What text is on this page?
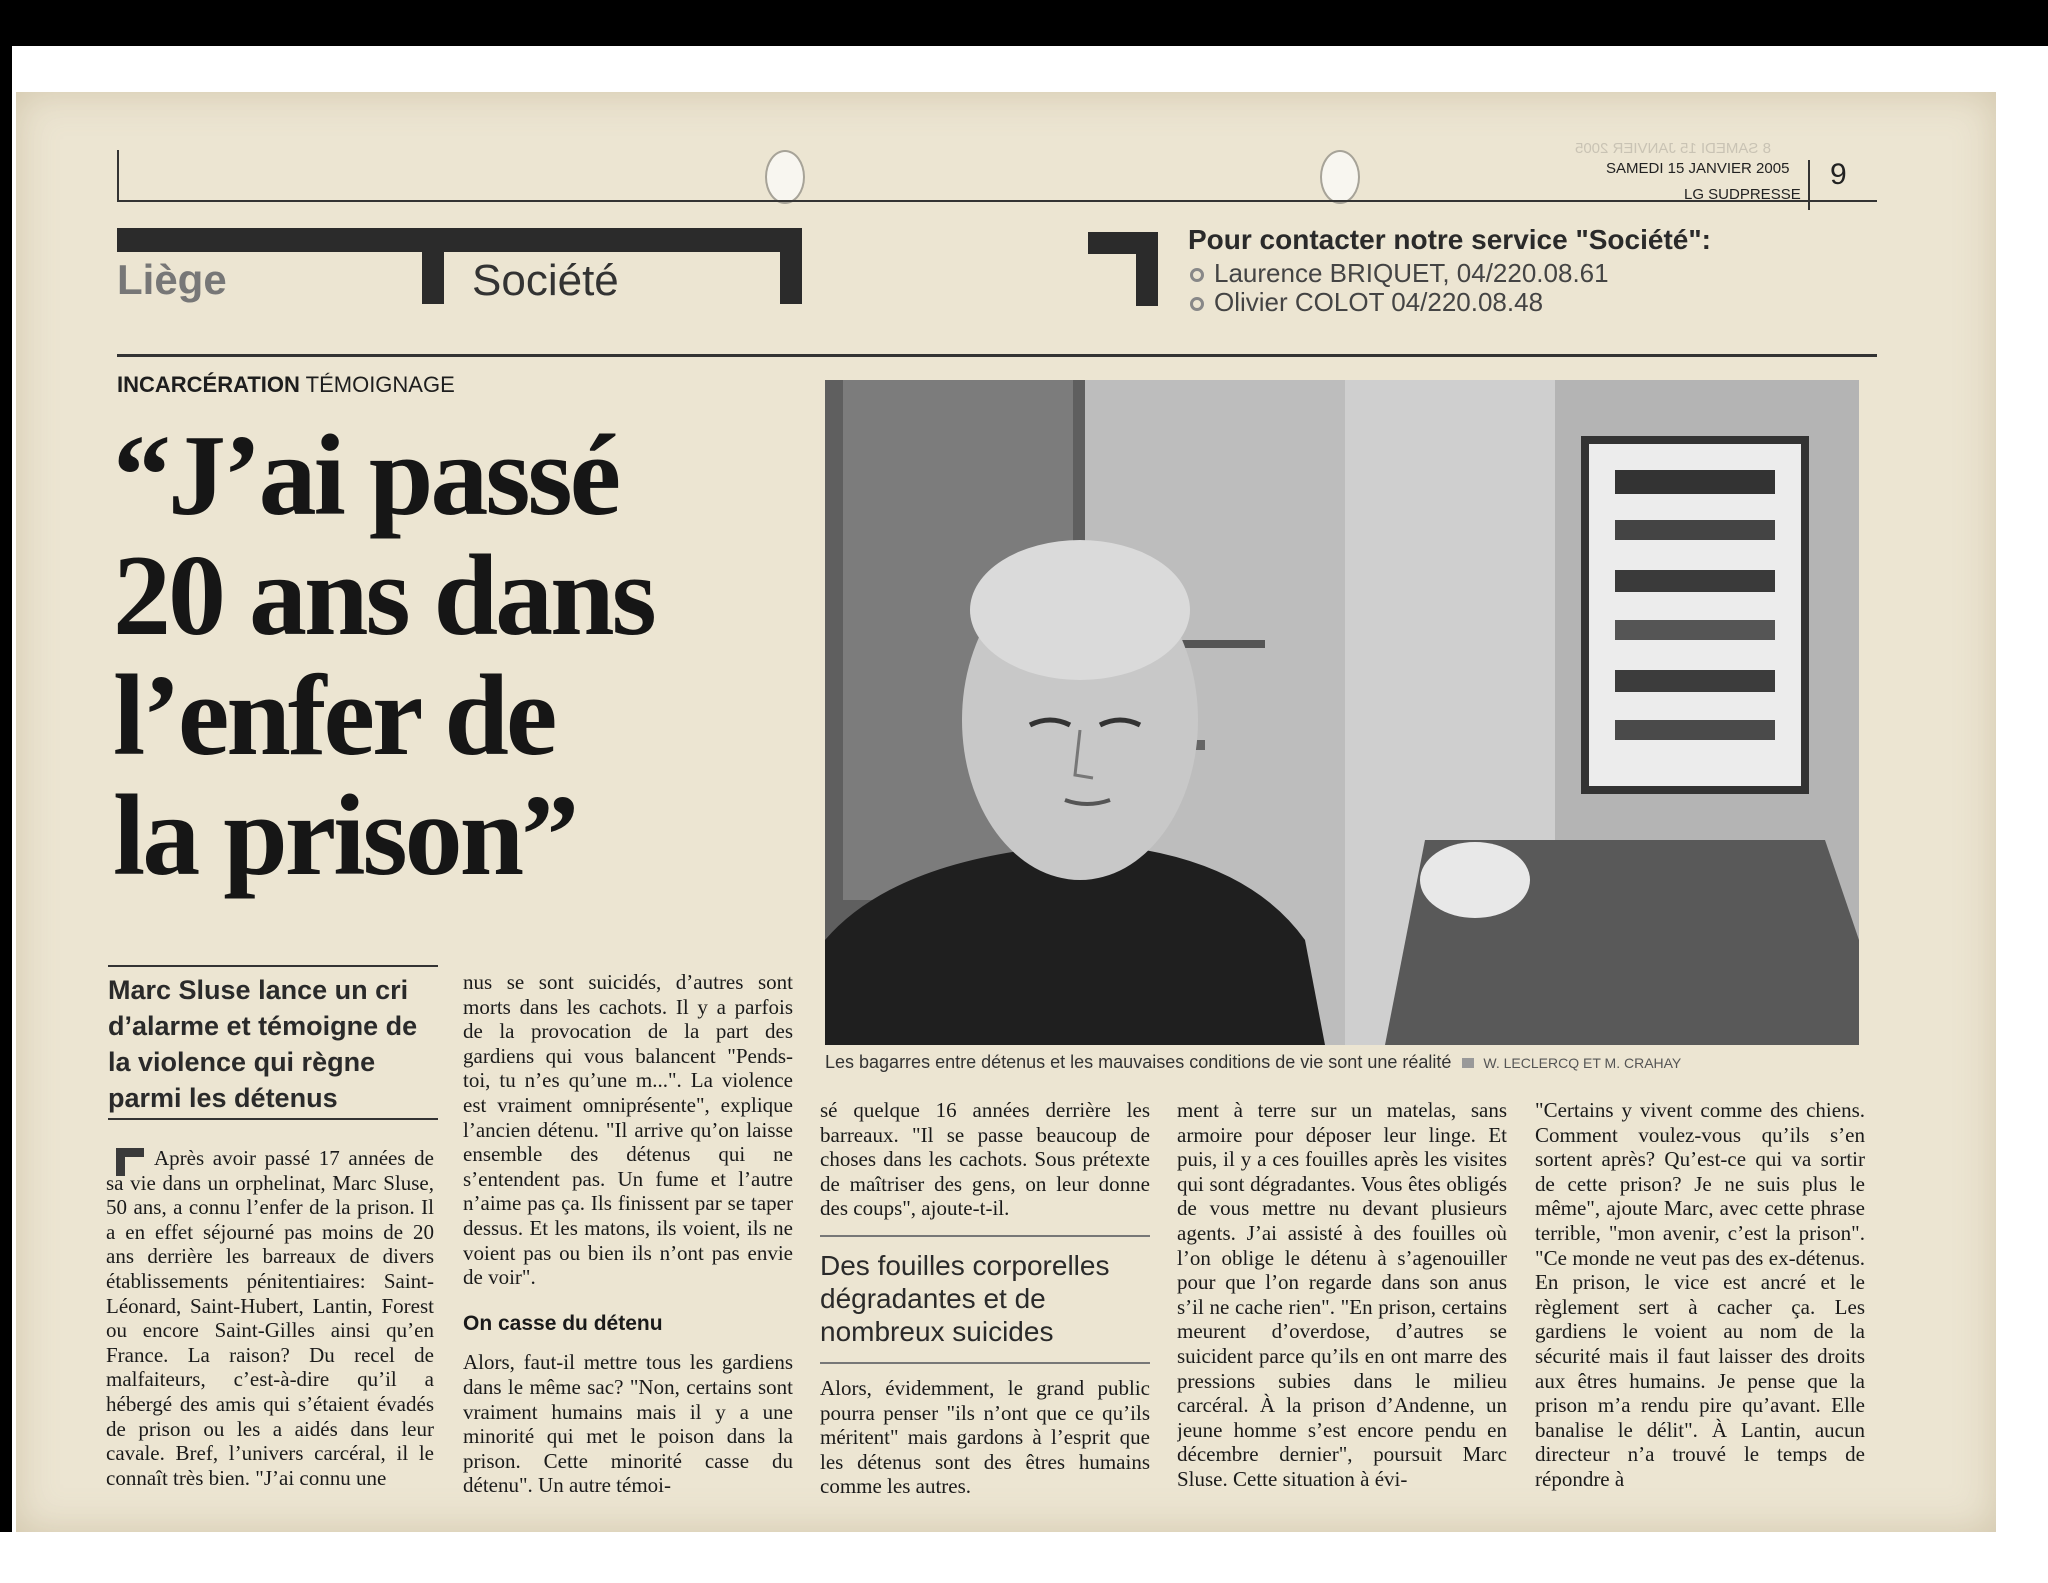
8 SAMEDI 15 JANVIER 2005
SAMEDI 15 JANVIER 2005
LG SUDPRESSE
9
Liège	Société
Pour contacter notre service "Société":
Laurence BRIQUET, 04/220.08.61
Olivier COLOT 04/220.08.48
INCARCÉRATION TÉMOIGNAGE
“J’ai passé
20 ans dans
l’enfer de
la prison”
Les bagarres entre détenus et les mauvaises conditions de vie sont une réalité W. LECLERCQ ET M. CRAHAY
Marc Sluse lance un cri d’alarme et témoigne de la violence qui règne parmi les détenus

Après avoir passé 17 années de sa vie dans un orphelinat, Marc Sluse, 50 ans, a connu l’enfer de la prison. Il a en effet séjourné pas moins de 20 ans derrière les barreaux de divers établissements pénitentiaires: Saint-Léonard, Saint-Hubert, Lantin, Forest ou encore Saint-Gilles ainsi qu’en France. La raison? Du recel de malfaiteurs, c’est-à-dire qu’il a hébergé des amis qui s’étaient évadés de prison ou les a aidés dans leur cavale. Bref, l’univers carcéral, il le connaît très bien. "J’ai connu une

nus se sont suicidés, d’autres sont morts dans les cachots. Il y a parfois de la provocation de la part des gardiens qui vous balancent "Pends-toi, tu n’es qu’une m...". La violence est vraiment omniprésente", explique l’ancien détenu. "Il arrive qu’on laisse ensemble des détenus qui ne s’entendent pas. Un fume et l’autre n’aime pas ça. Ils finissent par se taper dessus. Et les matons, ils voient, ils ne voient pas ou bien ils n’ont pas envie de voir".

On casse du détenu

Alors, faut-il mettre tous les gardiens dans le même sac? "Non, certains sont vraiment humains mais il y a une minorité qui met le poison dans la prison. Cette minorité casse du détenu". Un autre témoi-

sé quelque 16 années derrière les barreaux. "Il se passe beaucoup de choses dans les cachots. Sous prétexte de maîtriser des gens, on leur donne des coups", ajoute-t-il.

Des fouilles corporelles dégradantes et de nombreux suicides

Alors, évidemment, le grand public pourra penser "ils n’ont que ce qu’ils méritent" mais gardons à l’esprit que les détenus sont des êtres humains comme les autres.

ment à terre sur un matelas, sans armoire pour déposer leur linge. Et puis, il y a ces fouilles après les visites qui sont dégradantes. Vous êtes obligés de vous mettre nu devant plusieurs agents. J’ai assisté à des fouilles où l’on oblige le détenu à s’agenouiller pour que l’on regarde dans son anus s’il ne cache rien". "En prison, certains meurent d’overdose, d’autres se suicident parce qu’ils en ont marre des pressions subies dans le milieu carcéral. À la prison d’Andenne, un jeune homme s’est encore pendu en décembre dernier", poursuit Marc Sluse. Cette situation à évi-

"Certains y vivent comme des chiens. Comment voulez-vous qu’ils s’en sortent après? Qu’est-ce qui va sortir de cette prison? Je ne suis plus le même", ajoute Marc, avec cette phrase terrible, "mon avenir, c’est la prison". "Ce monde ne veut pas des ex-détenus. En prison, le vice est ancré et le règlement sert à cacher ça. Les gardiens le voient au nom de la sécurité mais il faut laisser des droits aux êtres humains. Je pense que la prison m’a rendu pire qu’avant. Elle banalise le délit". À Lantin, aucun directeur n’a trouvé le temps de répondre à
